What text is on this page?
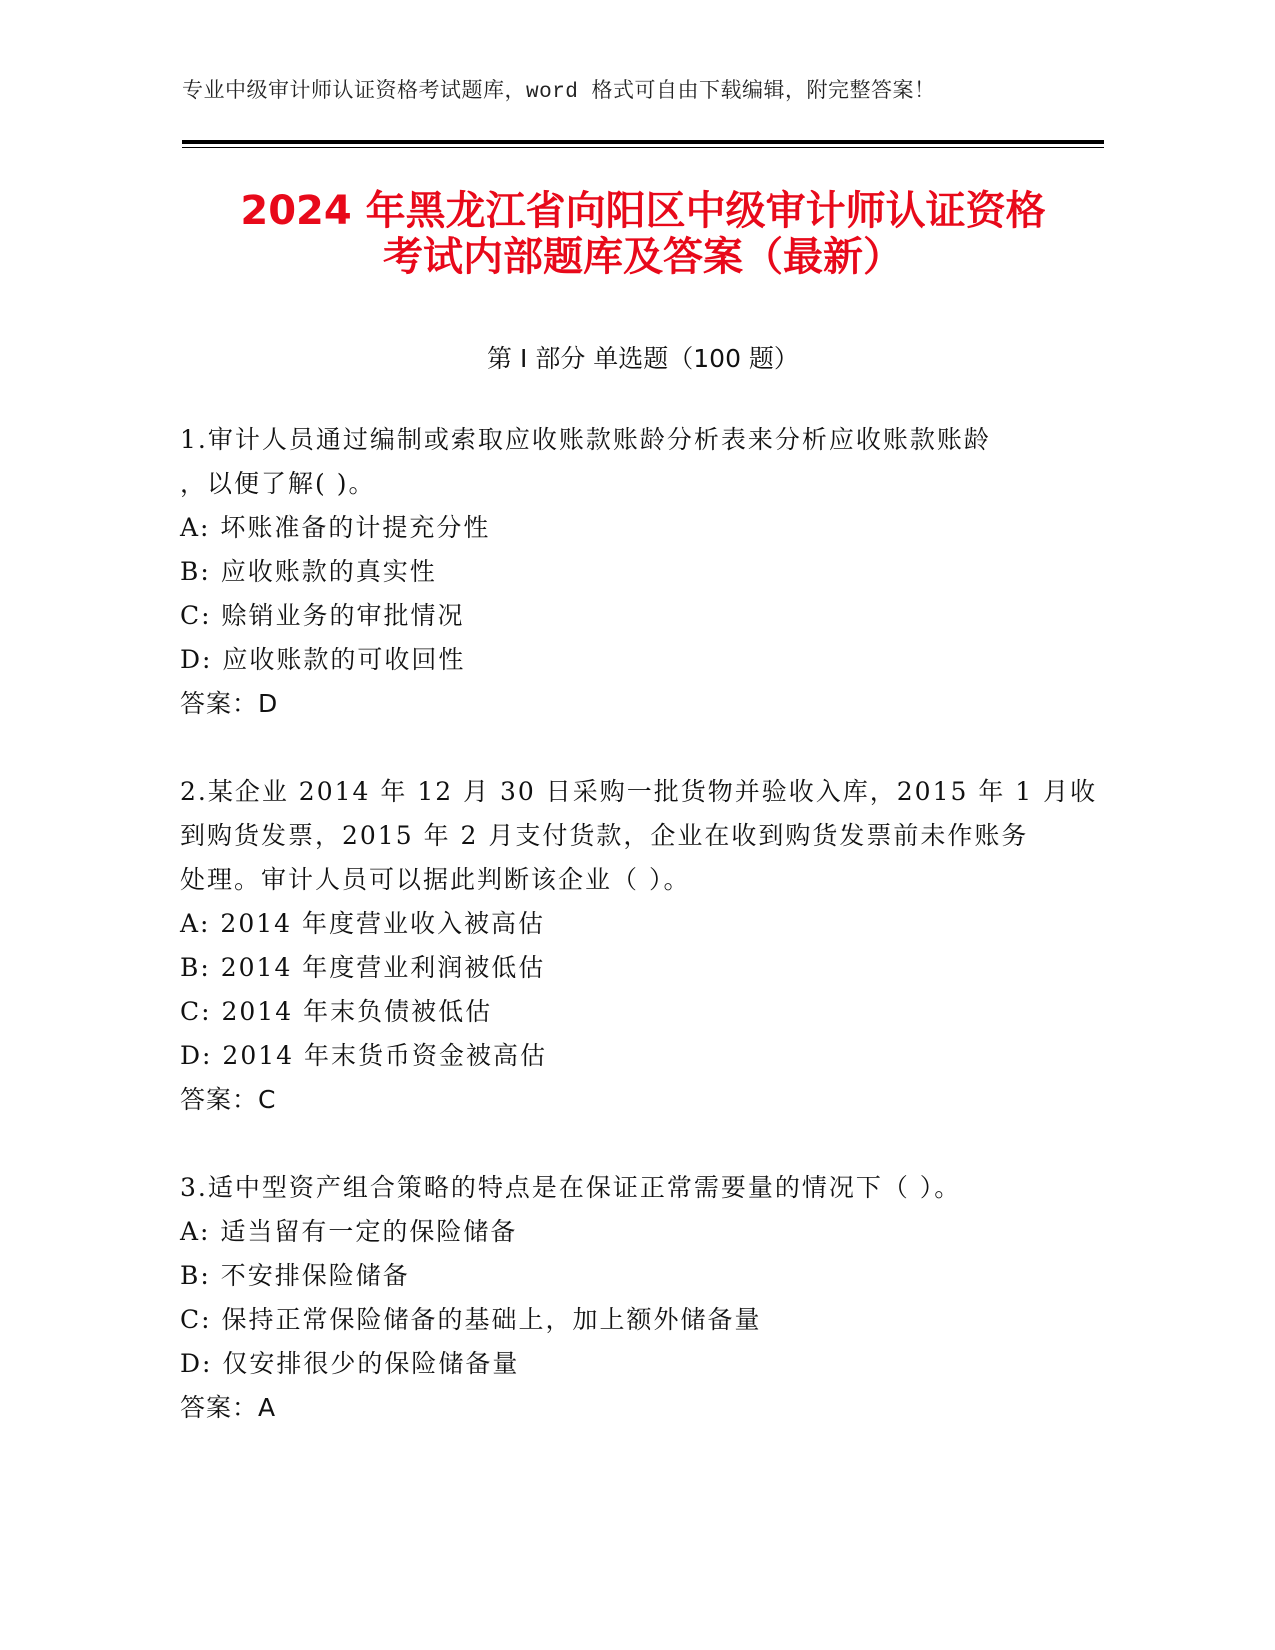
专业中级审计师认证资格考试题库，word 格式可自由下载编辑，附完整答案！
2024 年黑龙江省向阳区中级审计师认证资格
考试内部题库及答案（最新）
第 I 部分 单选题（100 题）

1.审计人员通过编制或索取应收账款账龄分析表来分析应收账款账龄

，以便了解( )。

A: 坏账准备的计提充分性

B: 应收账款的真实性

C: 赊销业务的审批情况

D: 应收账款的可收回性

答案：D

2.某企业 2014 年 12 月 30 日采购一批货物并验收入库，2015 年 1 月收

到购货发票，2015 年 2 月支付货款，企业在收到购货发票前未作账务

处理。审计人员可以据此判断该企业（ ）。

A: 2014 年度营业收入被高估

B: 2014 年度营业利润被低估

C: 2014 年末负债被低估

D: 2014 年末货币资金被高估

答案：C

3.适中型资产组合策略的特点是在保证正常需要量的情况下（ ）。

A: 适当留有一定的保险储备

B: 不安排保险储备

C: 保持正常保险储备的基础上，加上额外储备量

D: 仅安排很少的保险储备量

答案：A
